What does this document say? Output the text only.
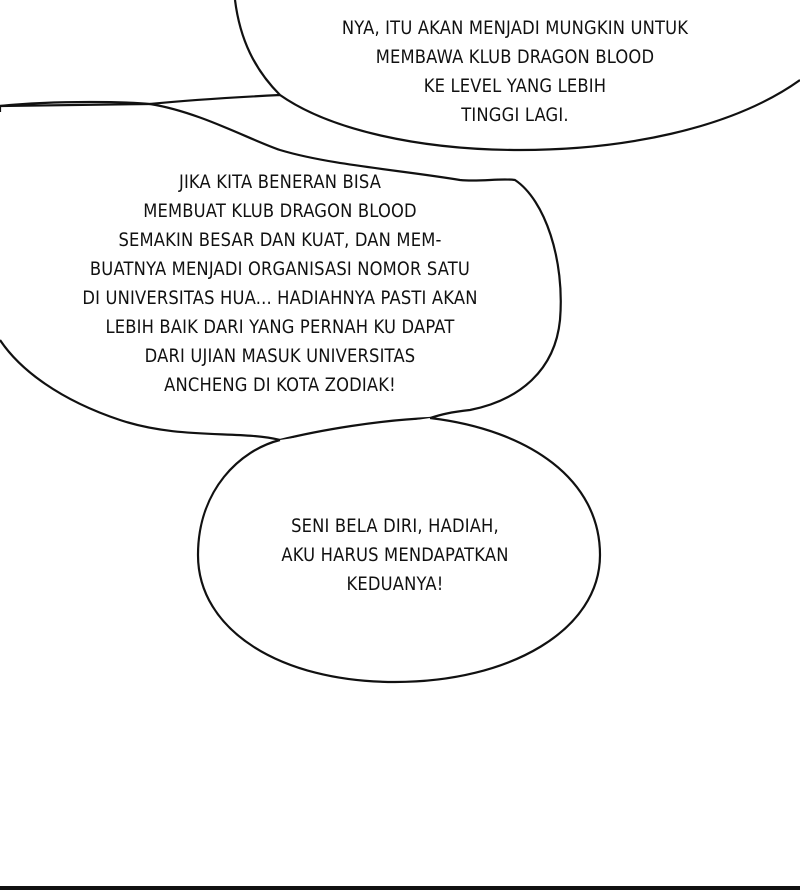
NYA, ITU AKAN MENJADI MUNGKIN UNTUK
MEMBAWA KLUB DRAGON BLOOD
KE LEVEL YANG LEBIH
TINGGI LAGI.
JIKA KITA BENERAN BISA
MEMBUAT KLUB DRAGON BLOOD
SEMAKIN BESAR DAN KUAT, DAN MEM-
BUATNYA MENJADI ORGANISASI NOMOR SATU
DI UNIVERSITAS HUA... HADIAHNYA PASTI AKAN
LEBIH BAIK DARI YANG PERNAH KU DAPAT
DARI UJIAN MASUK UNIVERSITAS
ANCHENG DI KOTA ZODIAK!
SENI BELA DIRI, HADIAH,
AKU HARUS MENDAPATKAN
KEDUANYA!
